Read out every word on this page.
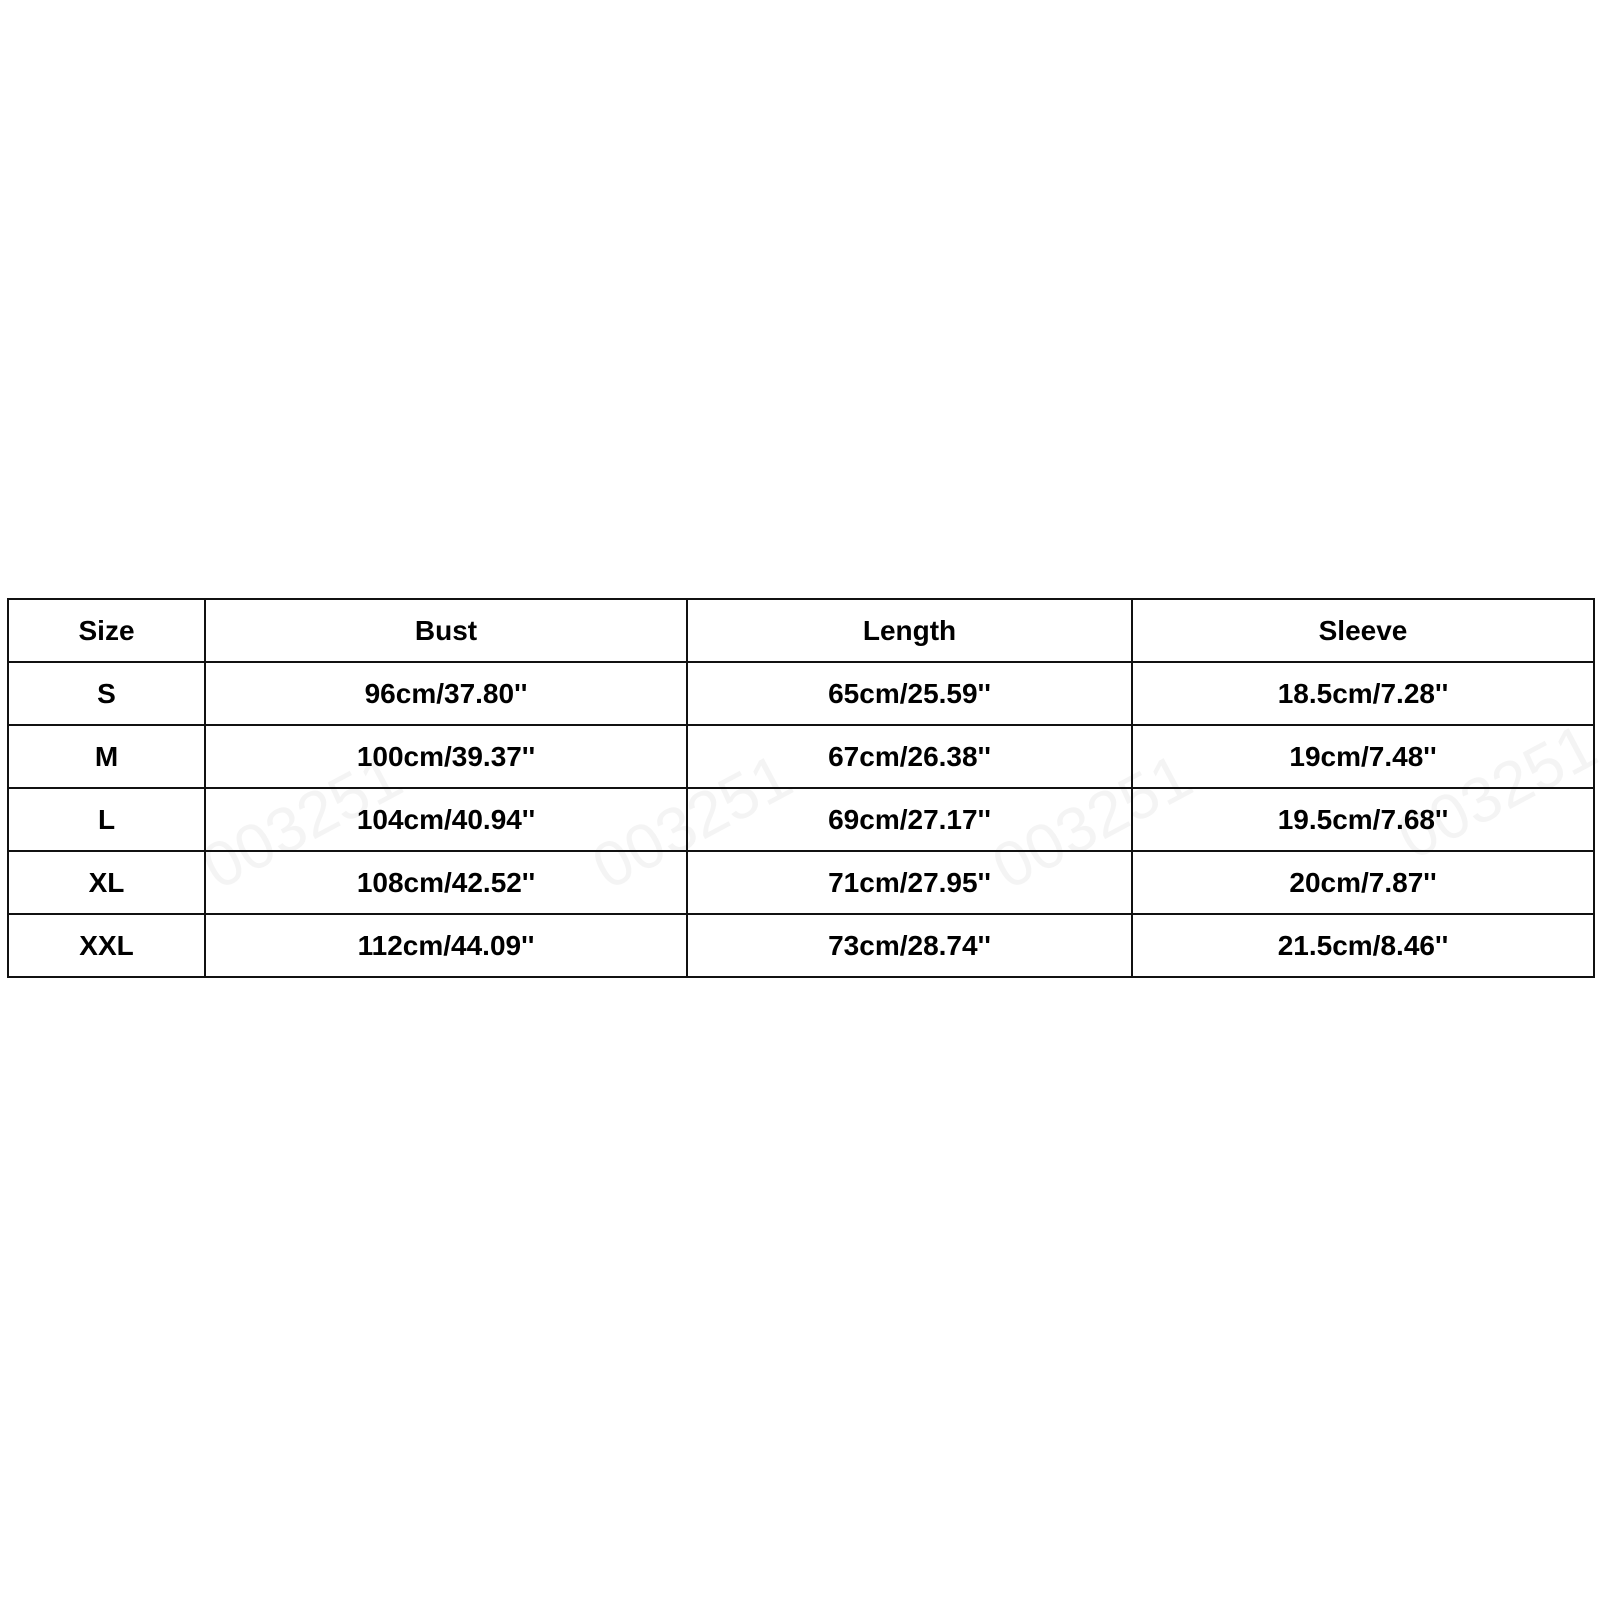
Size	Bust	Length	Sleeve
S	96cm/37.80''	65cm/25.59''	18.5cm/7.28''
M	100cm/39.37''	67cm/26.38''	19cm/7.48''
L	104cm/40.94''	69cm/27.17''	19.5cm/7.68''
XL	108cm/42.52''	71cm/27.95''	20cm/7.87''
XXL	112cm/44.09''	73cm/28.74''	21.5cm/8.46''
